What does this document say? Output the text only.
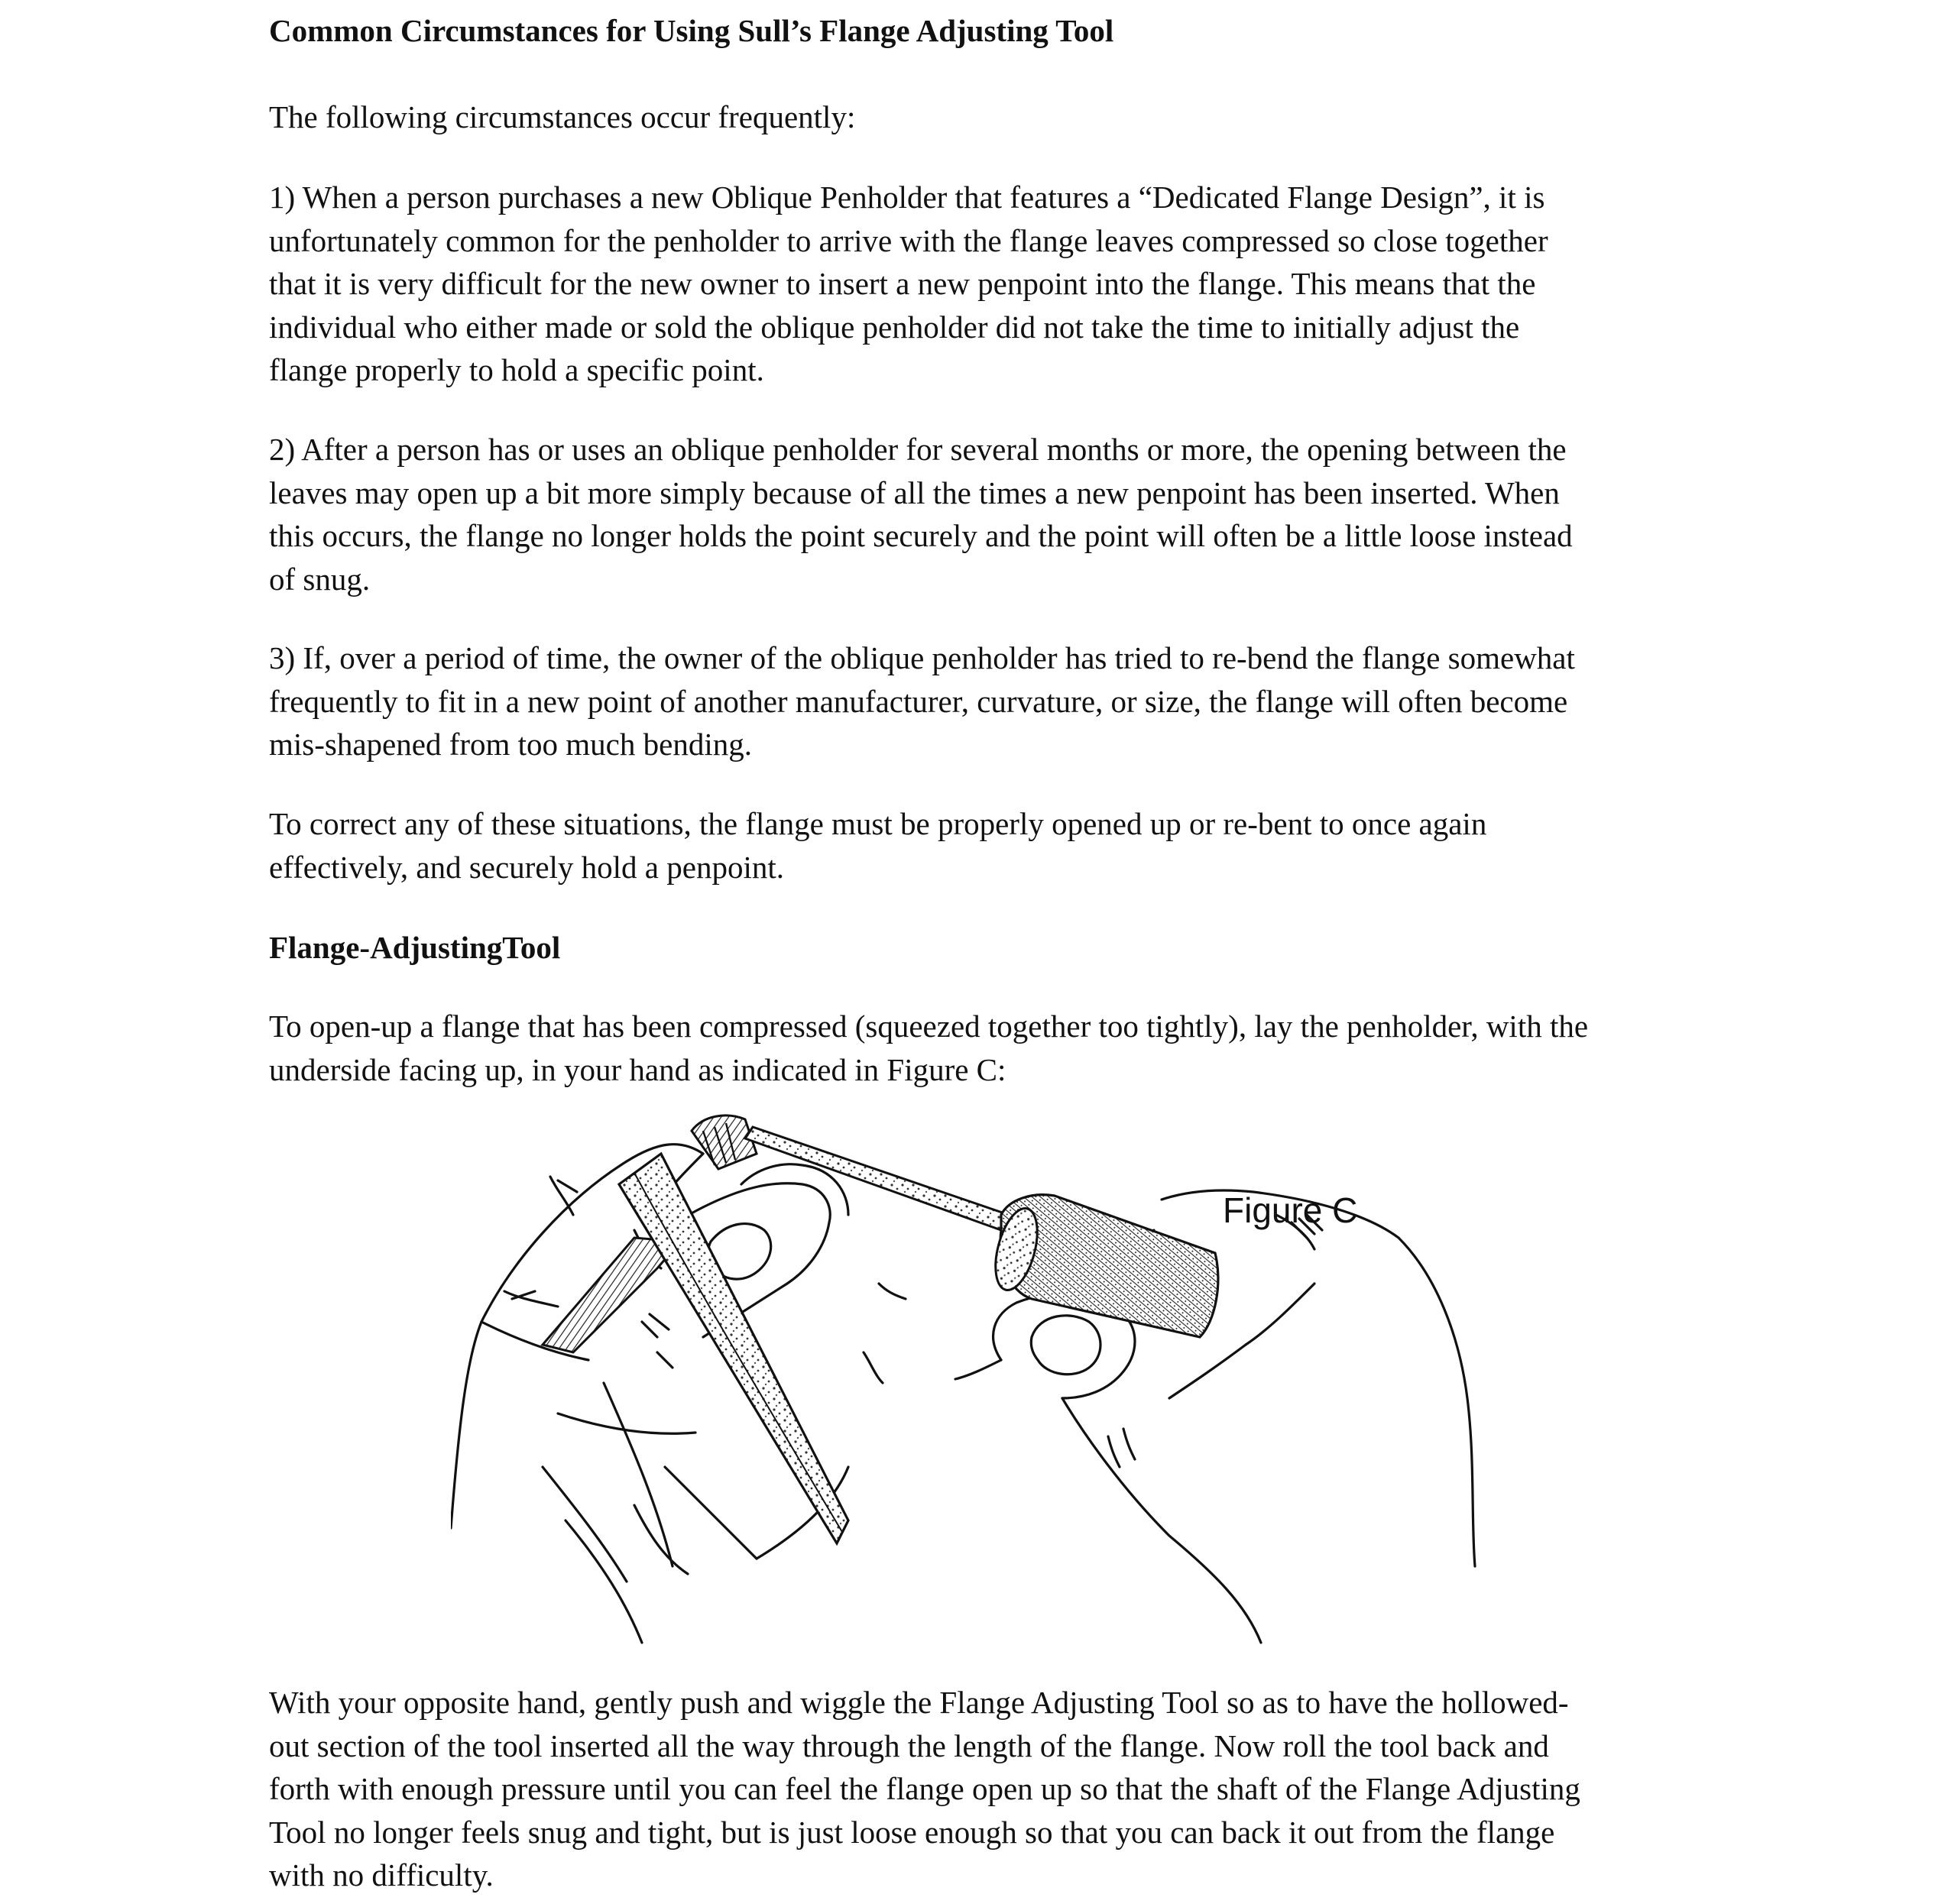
Common Circumstances for Using Sull’s Flange Adjusting Tool
The following circumstances occur frequently:
1) When a person purchases a new Oblique Penholder that features a “Dedicated Flange Design”, it is
unfortunately common for the penholder to arrive with the flange leaves compressed so close together
that it is very difficult for the new owner to insert a new penpoint into the flange. This means that the
individual who either made or sold the oblique penholder did not take the time to initially adjust the
flange properly to hold a specific point.
2) After a person has or uses an oblique penholder for several months or more, the opening between the
leaves may open up a bit more simply because of all the times a new penpoint has been inserted. When
this occurs, the flange no longer holds the point securely and the point will often be a little loose instead
of snug.
3) If, over a period of time, the owner of the oblique penholder has tried to re-bend the flange somewhat
frequently to fit in a new point of another manufacturer, curvature, or size, the flange will often become
mis-shapened from too much bending.
To correct any of these situations, the flange must be properly opened up or re-bent to once again
effectively, and securely hold a penpoint.
Flange-AdjustingTool
To open-up a flange that has been compressed (squeezed together too tightly), lay the penholder, with the
underside facing up, in your hand as indicated in Figure C:
With your opposite hand, gently push and wiggle the Flange Adjusting Tool so as to have the hollowed-
out section of the tool inserted all the way through the length of the flange. Now roll the tool back and
forth with enough pressure until you can feel the flange open up so that the shaft of the Flange Adjusting
Tool no longer feels snug and tight, but is just loose enough so that you can back it out from the flange
with no difficulty.
Figure C
